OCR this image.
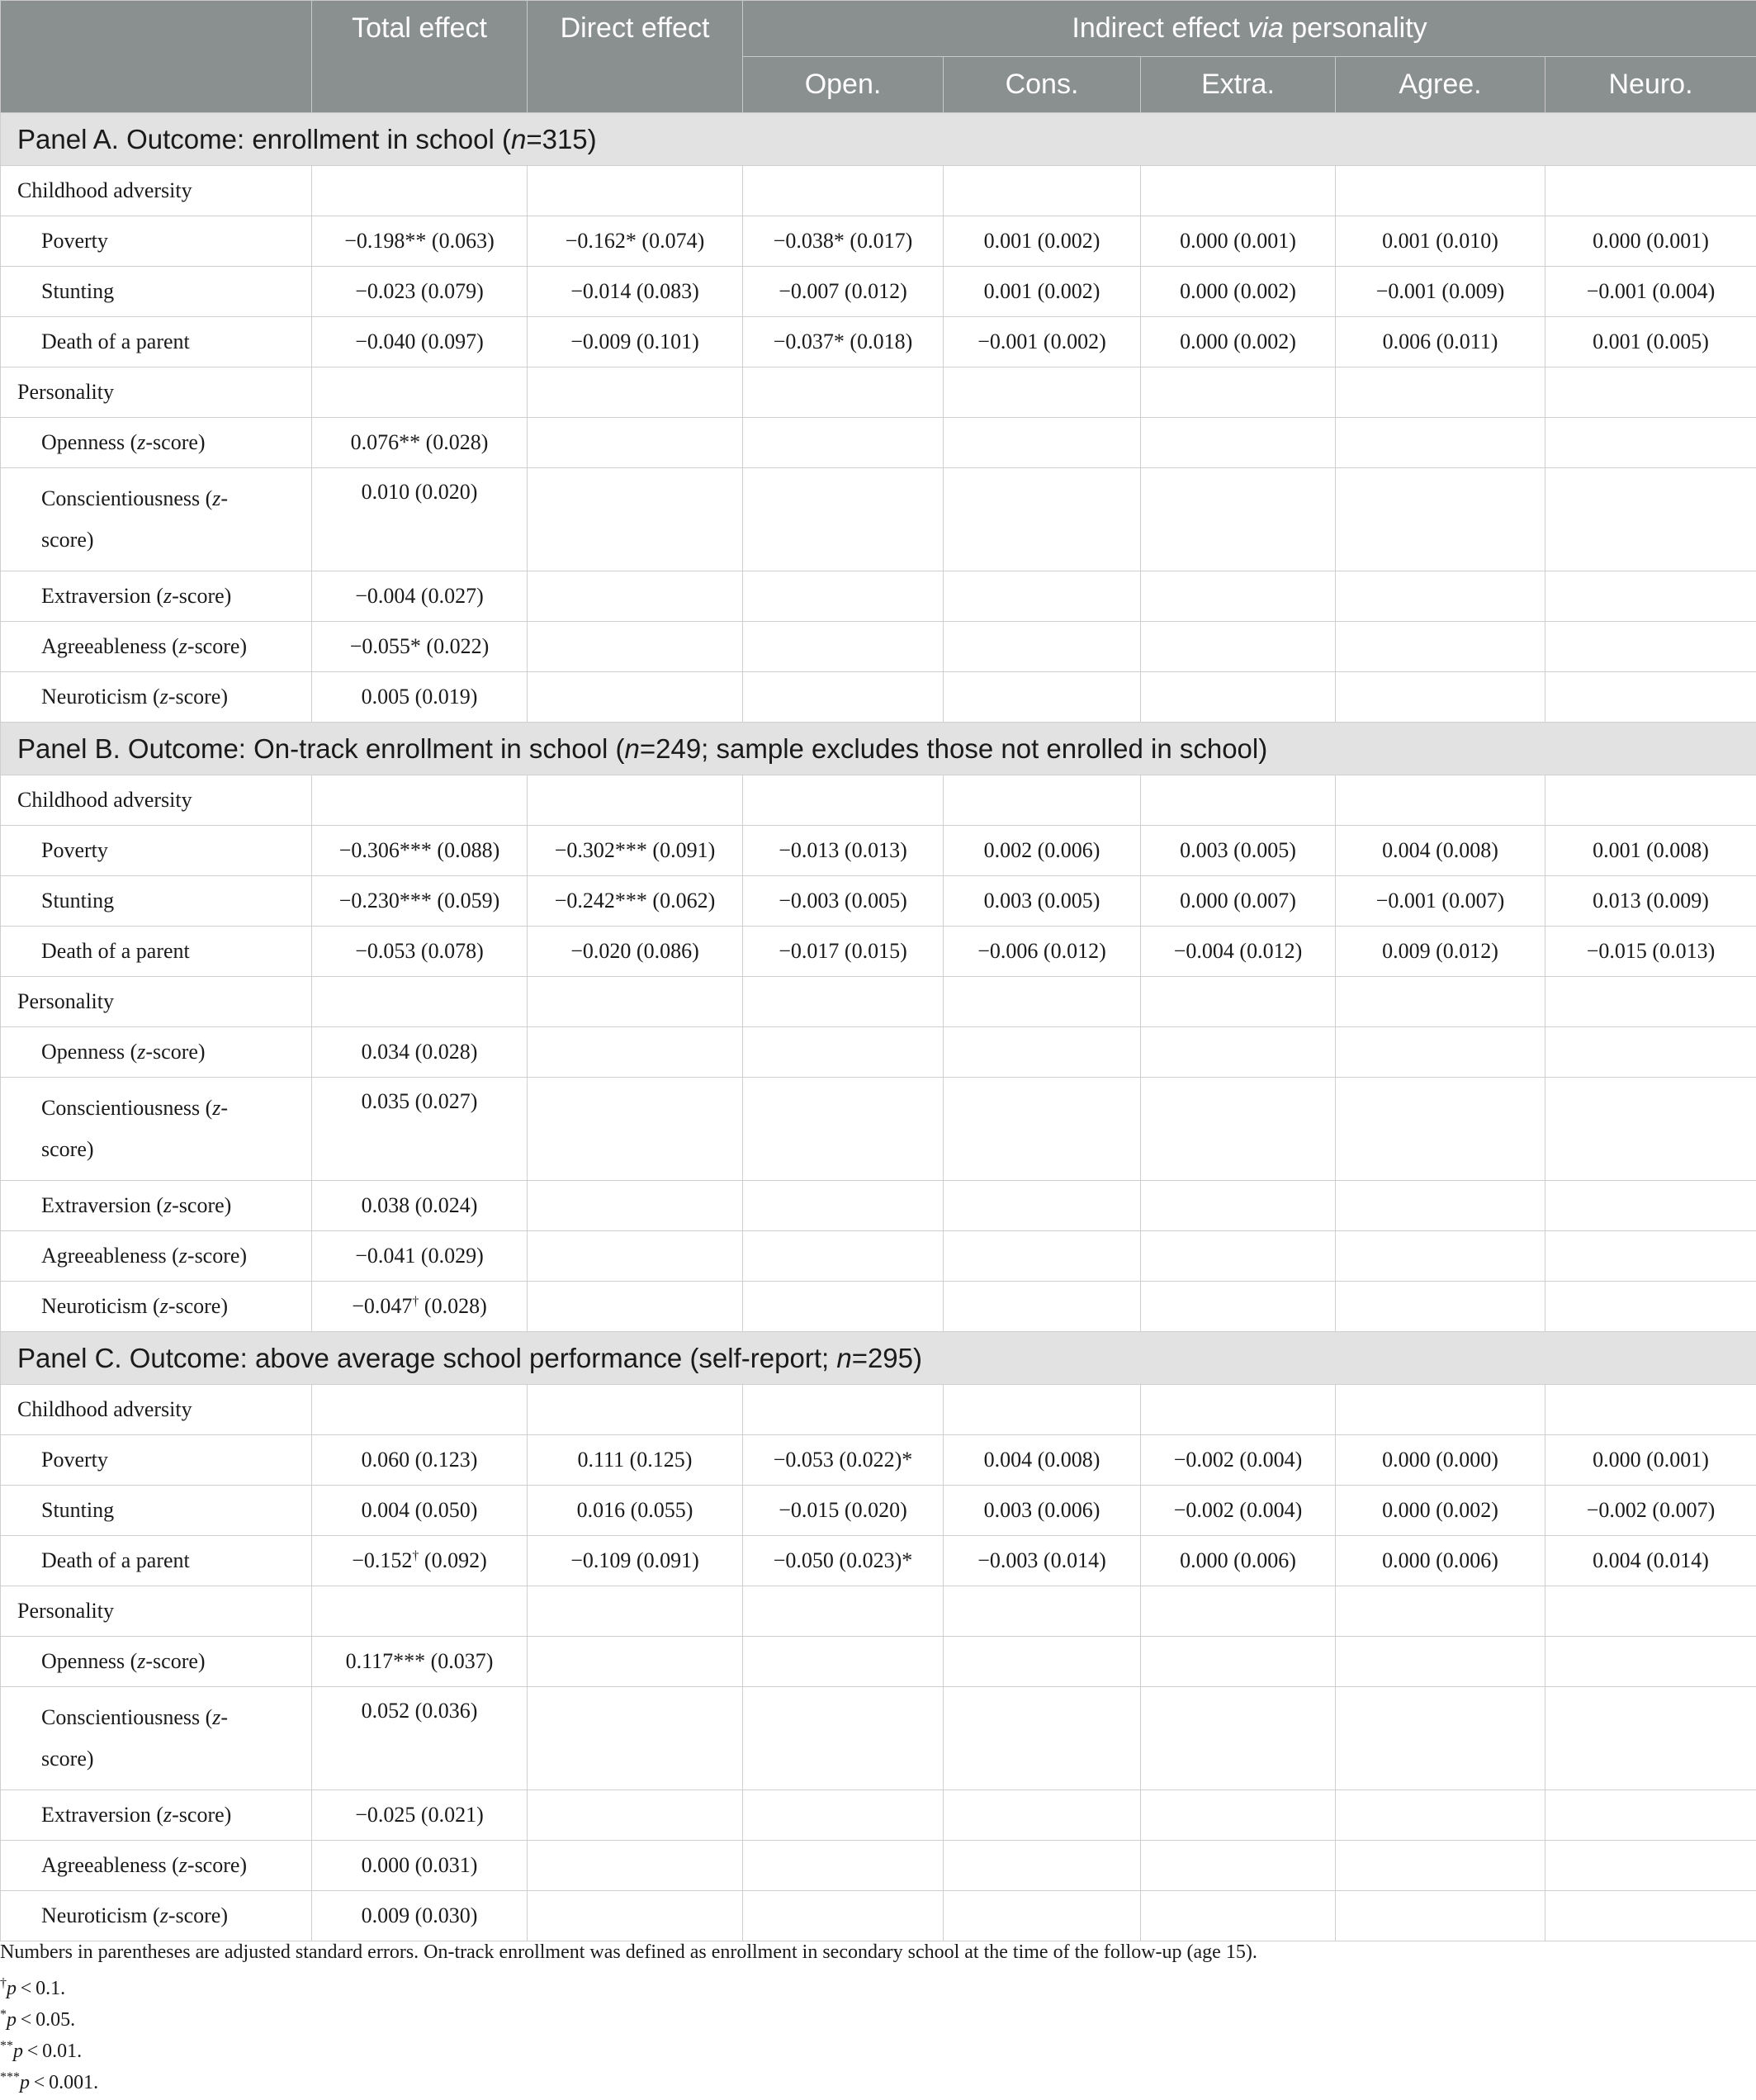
	Total effect	Direct effect	Indirect effect via personality				
			Open.	Cons.	Extra.	Agree.	Neuro.
Panel A. Outcome: enrollment in school (n=315)							
Childhood adversity							
Poverty	−0.198** (0.063)	−0.162* (0.074)	−0.038* (0.017)	0.001 (0.002)	0.000 (0.001)	0.001 (0.010)	0.000 (0.001)
Stunting	−0.023 (0.079)	−0.014 (0.083)	−0.007 (0.012)	0.001 (0.002)	0.000 (0.002)	−0.001 (0.009)	−0.001 (0.004)
Death of a parent	−0.040 (0.097)	−0.009 (0.101)	−0.037* (0.018)	−0.001 (0.002)	0.000 (0.002)	0.006 (0.011)	0.001 (0.005)
Personality							
Openness (z-score)	0.076** (0.028)						
Conscientiousness (z-
score)	0.010 (0.020)						
Extraversion (z-score)	−0.004 (0.027)						
Agreeableness (z-score)	−0.055* (0.022)						
Neuroticism (z-score)	0.005 (0.019)						
Panel B. Outcome: On-track enrollment in school (n=249; sample excludes those not enrolled in school)							
Childhood adversity							
Poverty	−0.306*** (0.088)	−0.302*** (0.091)	−0.013 (0.013)	0.002 (0.006)	0.003 (0.005)	0.004 (0.008)	0.001 (0.008)
Stunting	−0.230*** (0.059)	−0.242*** (0.062)	−0.003 (0.005)	0.003 (0.005)	0.000 (0.007)	−0.001 (0.007)	0.013 (0.009)
Death of a parent	−0.053 (0.078)	−0.020 (0.086)	−0.017 (0.015)	−0.006 (0.012)	−0.004 (0.012)	0.009 (0.012)	−0.015 (0.013)
Personality							
Openness (z-score)	0.034 (0.028)						
Conscientiousness (z-
score)	0.035 (0.027)						
Extraversion (z-score)	0.038 (0.024)						
Agreeableness (z-score)	−0.041 (0.029)						
Neuroticism (z-score)	−0.047† (0.028)						
Panel C. Outcome: above average school performance (self-report; n=295)							
Childhood adversity							
Poverty	0.060 (0.123)	0.111 (0.125)	−0.053 (0.022)*	0.004 (0.008)	−0.002 (0.004)	0.000 (0.000)	0.000 (0.001)
Stunting	0.004 (0.050)	0.016 (0.055)	−0.015 (0.020)	0.003 (0.006)	−0.002 (0.004)	0.000 (0.002)	−0.002 (0.007)
Death of a parent	−0.152† (0.092)	−0.109 (0.091)	−0.050 (0.023)*	−0.003 (0.014)	0.000 (0.006)	0.000 (0.006)	0.004 (0.014)
Personality							
Openness (z-score)	0.117*** (0.037)						
Conscientiousness (z-
score)	0.052 (0.036)						
Extraversion (z-score)	−0.025 (0.021)						
Agreeableness (z-score)	0.000 (0.031)						
Neuroticism (z-score)	0.009 (0.030)						
Numbers in parentheses are adjusted standard errors. On-track enrollment was defined as enrollment in secondary school at the time of the follow-up (age 15).
†p < 0.1.
*p < 0.05.
**p < 0.01.
***p < 0.001.
